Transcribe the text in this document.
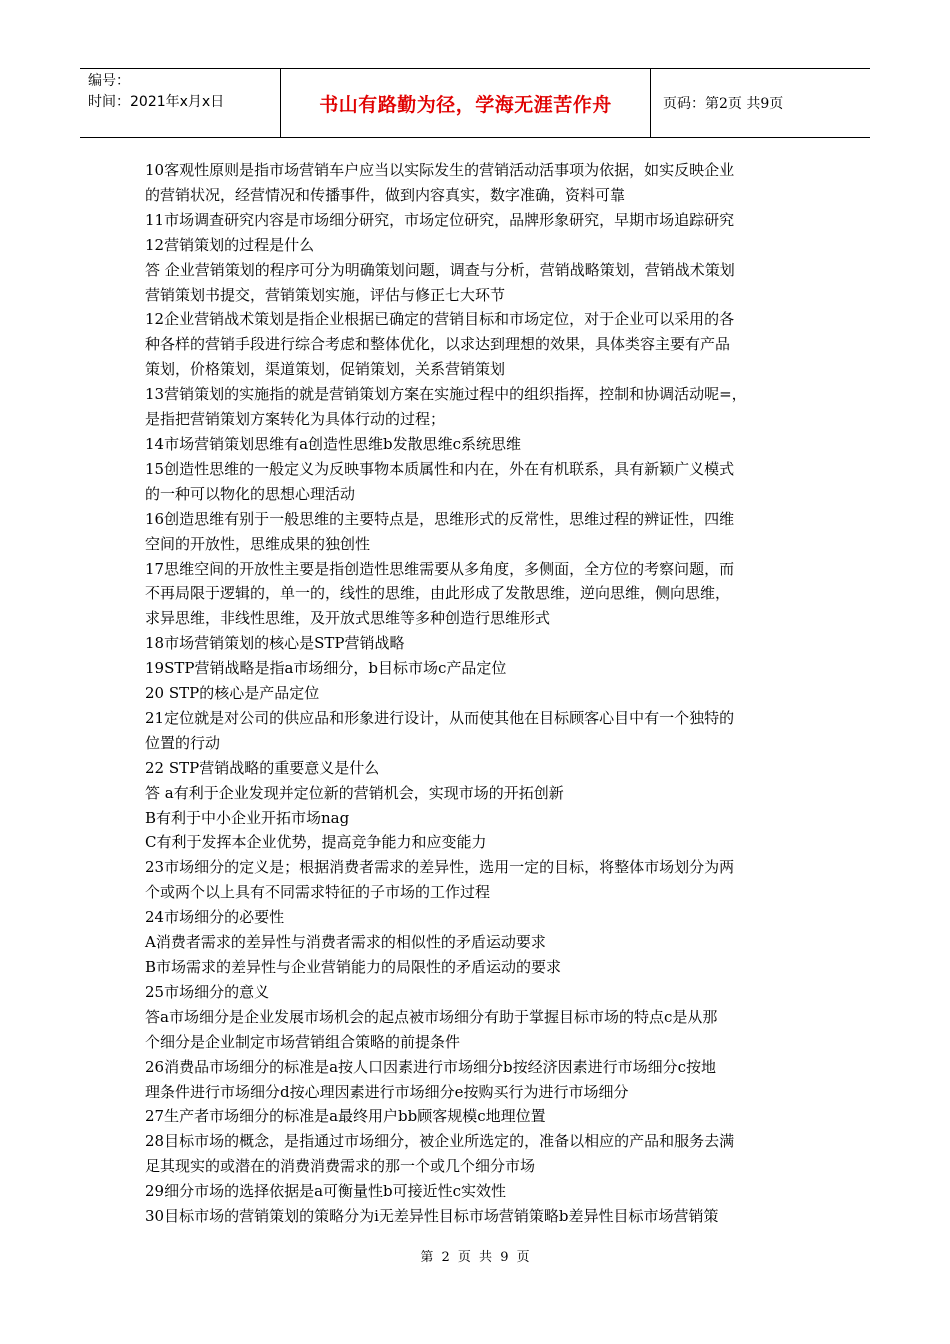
编号：
时间：2021年x月x日	书山有路勤为径，学海无涯苦作舟	页码：第2页 共9页

10客观性原则是指市场营销车户应当以实际发生的营销活动活事项为依据，如实反映企业

的营销状况，经营情况和传播事件，做到内容真实，数字准确，资料可靠

11市场调查研究内容是市场细分研究，市场定位研究，品牌形象研究，早期市场追踪研究

12营销策划的过程是什么

答 企业营销策划的程序可分为明确策划问题，调查与分析，营销战略策划，营销战术策划

营销策划书提交，营销策划实施，评估与修正七大环节

12企业营销战术策划是指企业根据已确定的营销目标和市场定位，对于企业可以采用的各

种各样的营销手段进行综合考虑和整体优化，以求达到理想的效果，具体类容主要有产品

策划，价格策划，渠道策划，促销策划，关系营销策划

13营销策划的实施指的就是营销策划方案在实施过程中的组织指挥，控制和协调活动呢=，

是指把营销策划方案转化为具体行动的过程；

14市场营销策划思维有a创造性思维b发散思维c系统思维

15创造性思维的一般定义为反映事物本质属性和内在，外在有机联系，具有新颖广义模式

的一种可以物化的思想心理活动

16创造思维有别于一般思维的主要特点是，思维形式的反常性，思维过程的辨证性，四维

空间的开放性，思维成果的独创性

17思维空间的开放性主要是指创造性思维需要从多角度，多侧面，全方位的考察问题，而

不再局限于逻辑的，单一的，线性的思维，由此形成了发散思维，逆向思维，侧向思维，

求异思维，非线性思维，及开放式思维等多种创造行思维形式

18市场营销策划的核心是STP营销战略

19STP营销战略是指a市场细分，b目标市场c产品定位

20 STP的核心是产品定位

21定位就是对公司的供应品和形象进行设计，从而使其他在目标顾客心目中有一个独特的

位置的行动

22 STP营销战略的重要意义是什么

答 a有利于企业发现并定位新的营销机会，实现市场的开拓创新

B有利于中小企业开拓市场nag

C有利于发挥本企业优势，提高竞争能力和应变能力

23市场细分的定义是；根据消费者需求的差异性，选用一定的目标，将整体市场划分为两

个或两个以上具有不同需求特征的子市场的工作过程

24市场细分的必要性

A消费者需求的差异性与消费者需求的相似性的矛盾运动要求

B市场需求的差异性与企业营销能力的局限性的矛盾运动的要求

25市场细分的意义

答a市场细分是企业发展市场机会的起点被市场细分有助于掌握目标市场的特点c是从那

个细分是企业制定市场营销组合策略的前提条件

26消费品市场细分的标准是a按人口因素进行市场细分b按经济因素进行市场细分c按地

理条件进行市场细分d按心理因素进行市场细分e按购买行为进行市场细分

27生产者市场细分的标准是a最终用户bb顾客规模c地理位置

28目标市场的概念，是指通过市场细分，被企业所选定的，准备以相应的产品和服务去满

足其现实的或潜在的消费消费需求的那一个或几个细分市场

29细分市场的选择依据是a可衡量性b可接近性c实效性

30目标市场的营销策划的策略分为i无差异性目标市场营销策略b差异性目标市场营销策

第 2 页 共 9 页
